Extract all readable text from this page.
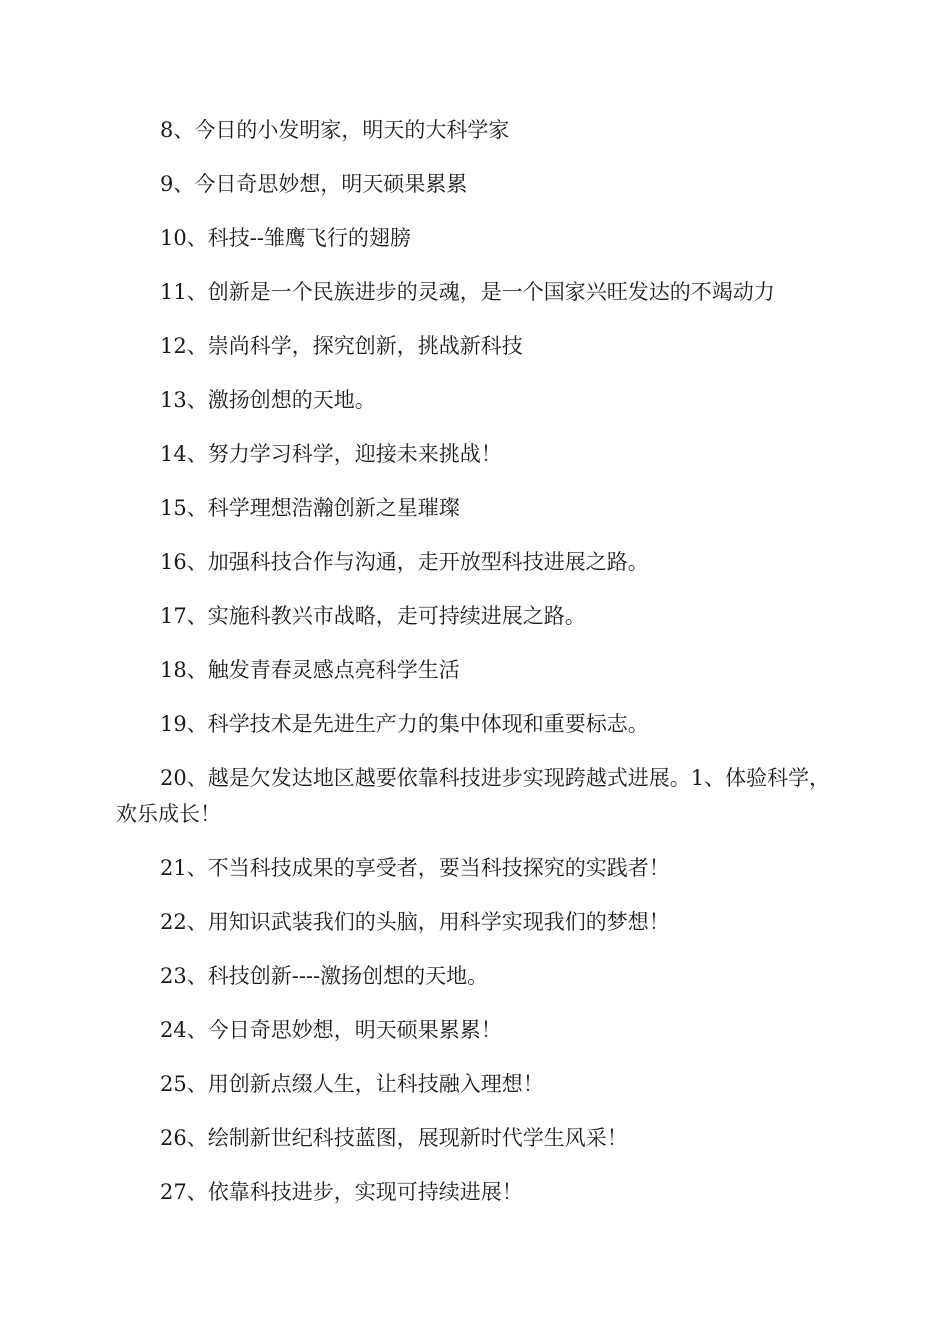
8、今日的小发明家，明天的大科学家

9、今日奇思妙想，明天硕果累累

10、科技--雏鹰飞行的翅膀

11、创新是一个民族进步的灵魂，是一个国家兴旺发达的不竭动力

12、崇尚科学，探究创新，挑战新科技

13、激扬创想的天地。

14、努力学习科学，迎接未来挑战！

15、科学理想浩瀚创新之星璀璨

16、加强科技合作与沟通，走开放型科技进展之路。

17、实施科教兴市战略，走可持续进展之路。

18、触发青春灵感点亮科学生活

19、科学技术是先进生产力的集中体现和重要标志。

20、越是欠发达地区越要依靠科技进步实现跨越式进展。1、体验科学，欢乐成长！

21、不当科技成果的享受者，要当科技探究的实践者！

22、用知识武装我们的头脑，用科学实现我们的梦想！

23、科技创新----激扬创想的天地。

24、今日奇思妙想，明天硕果累累！

25、用创新点缀人生，让科技融入理想！

26、绘制新世纪科技蓝图，展现新时代学生风采！

27、依靠科技进步，实现可持续进展！
